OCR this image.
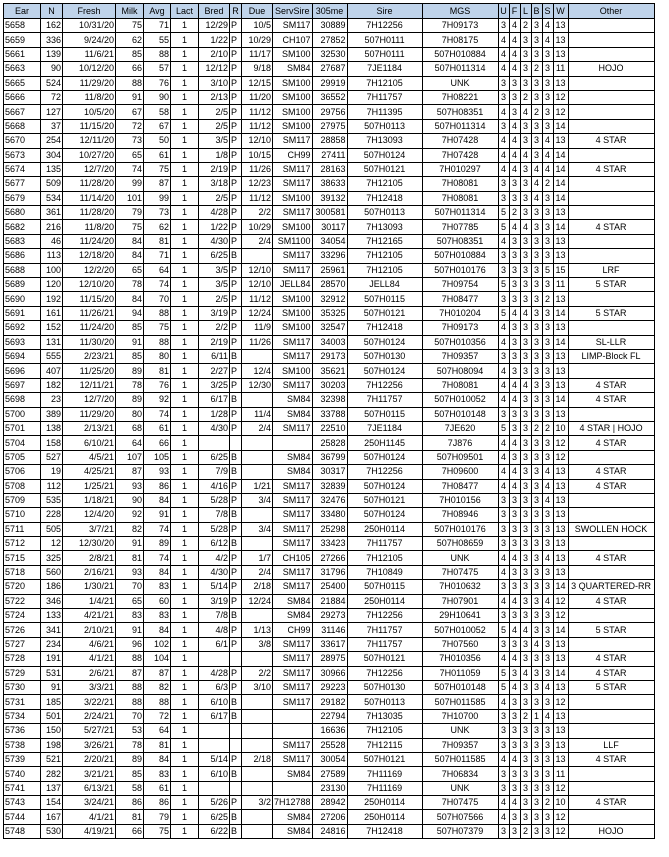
Ear	N	Fresh	Milk	Avg	Lact	Bred	R	Due	ServSire	305me	Sire	MGS	U	F	L	B	S	W	Other
5658	162	10/31/20	75	71	1	12/29	P	10/5	SM117	30889	7H12256	7H09173	3	4	2	3	4	13	
5659	336	9/24/20	62	55	1	1/22	P	10/29	CH107	27852	507H0111	7H08175	4	4	3	3	4	13	
5661	139	11/6/21	85	88	1	2/10	P	11/17	SM100	32530	507H0111	507H010884	4	4	3	3	3	13	
5663	90	10/12/20	66	57	1	12/12	P	9/18	SM84	27687	7JE1184	507H011314	4	4	3	2	3	11	HOJO
5665	524	11/29/20	88	76	1	3/10	P	12/15	SM100	29919	7H12105	UNK	3	3	3	3	3	13	
5666	72	11/8/20	91	90	1	2/13	P	11/20	SM100	36552	7H11757	7H08221	3	3	2	3	3	12	
5667	127	10/5/20	67	58	1	2/5	P	11/12	SM100	29756	7H11395	507H08351	4	3	4	2	3	12	
5668	37	11/15/20	72	67	1	2/5	P	11/12	SM100	27975	507H0113	507H011314	3	4	3	3	3	14	
5670	254	12/11/20	73	50	1	3/5	P	12/10	SM117	28858	7H13093	7H07428	4	4	3	3	4	13	4 STAR
5673	304	10/27/20	65	61	1	1/8	P	10/15	CH99	27411	507H0124	7H07428	4	4	4	3	4	14	
5674	135	12/7/20	74	75	1	2/19	P	11/26	SM117	28163	507H0121	7H010297	4	4	3	4	4	14	4 STAR
5677	509	11/28/20	99	87	1	3/18	P	12/23	SM117	38633	7H12105	7H08081	3	3	3	4	2	14	
5679	534	11/14/20	101	99	1	2/5	P	11/12	SM100	39132	7H12418	7H08081	3	3	3	4	3	14	
5680	361	11/28/20	79	73	1	4/28	P	2/2	SM117	300581	507H0113	507H011314	5	2	3	3	3	13	
5682	216	11/8/20	75	62	1	1/22	P	10/29	SM100	30117	7H13093	7H07785	5	4	4	3	3	14	4 STAR
5683	46	11/24/20	84	81	1	4/30	P	2/4	SM1100	34054	7H12165	507H08351	4	3	3	3	3	13	
5686	113	12/18/20	84	71	1	6/25	B		SM117	33296	7H12105	507H010884	3	3	3	3	3	13	
5688	100	12/2/20	65	64	1	3/5	P	12/10	SM117	25961	7H12105	507H010176	3	3	3	3	5	15	LRF
5689	120	12/10/20	78	74	1	3/5	P	12/10	JELL84	28570	JELL84	7H09754	5	3	3	3	3	11	5 STAR
5690	192	11/15/20	84	70	1	2/5	P	11/12	SM100	32912	507H0115	7H08477	3	3	3	3	2	13	
5691	161	11/26/21	94	88	1	3/19	P	12/24	SM100	35325	507H0121	7H010204	5	4	4	3	3	14	5 STAR
5692	152	11/24/20	85	75	1	2/2	P	11/9	SM100	32547	7H12418	7H09173	4	3	3	3	3	13	
5693	131	11/30/20	91	88	1	2/19	P	11/26	SM117	34003	507H0124	507H010356	4	3	3	3	3	14	SL-LLR
5694	555	2/23/21	85	80	1	6/11	B		SM117	29173	507H0130	7H09357	3	3	3	3	3	13	LIMP-Block FL
5696	407	11/25/20	89	81	1	2/27	P	12/4	SM100	35621	507H0124	507H08094	4	3	3	3	3	13	
5697	182	12/11/21	78	76	1	3/25	P	12/30	SM117	30203	7H12256	7H08081	4	4	4	3	3	13	4 STAR
5698	23	12/7/20	89	92	1	6/17	B		SM84	32398	7H11757	507H010052	4	4	3	3	3	14	4 STAR
5700	389	11/29/20	80	74	1	1/28	P	11/4	SM84	33788	507H0115	507H010148	3	3	3	3	3	13	
5701	138	2/13/21	68	61	1	4/30	P	2/4	SM117	22510	7JE1184	7JE620	5	3	3	2	2	10	4 STAR | HOJO
5704	158	6/10/21	64	66	1					25828	250H1145	7J876	4	4	3	3	3	12	4 STAR
5705	527	4/5/21	107	105	1	6/25	B		SM84	36799	507H0124	507H09501	4	3	3	3	3	12	
5706	19	4/25/21	87	93	1	7/9	B		SM84	30317	7H12256	7H09600	4	4	3	3	4	13	4 STAR
5708	112	1/25/21	93	86	1	4/16	P	1/21	SM117	32839	507H0124	7H08477	4	4	3	3	4	13	4 STAR
5709	535	1/18/21	90	84	1	5/28	P	3/4	SM117	32476	507H0121	7H010156	3	3	3	3	4	13	
5710	228	12/4/20	92	91	1	7/8	B		SM117	33480	507H0124	7H08946	3	3	3	3	3	13	
5711	505	3/7/21	82	74	1	5/28	P	3/4	SM117	25298	250H0114	507H010176	3	3	3	3	3	13	SWOLLEN HOCK
5712	12	12/30/20	91	89	1	6/12	B		SM117	33423	7H11757	507H08659	3	3	3	3	3	13	
5715	325	2/8/21	81	74	1	4/2	P	1/7	CH105	27266	7H12105	UNK	4	4	3	3	4	13	4 STAR
5718	560	2/16/21	93	84	1	4/30	P	2/4	SM117	31796	7H10849	7H07475	4	3	3	3	3	13	
5720	186	1/30/21	70	83	1	5/14	P	2/18	SM117	25400	507H0115	7H010632	3	3	3	3	3	14	3 QUARTERED-RR
5722	346	1/4/21	65	60	1	3/19	P	12/24	SM84	21884	250H0114	7H07901	4	4	3	3	4	12	4 STAR
5724	133	4/21/21	83	83	1	7/8	B		SM84	29273	7H12256	29H10641	3	3	3	3	3	12	
5726	341	2/10/21	91	84	1	4/8	P	1/13	CH99	31146	7H11757	507H010052	5	4	4	3	3	14	5 STAR
5727	234	4/6/21	96	102	1	6/1	P	3/8	SM117	33617	7H11757	7H07560	3	3	3	4	3	13	
5728	191	4/1/21	88	104	1				SM117	28975	507H0121	7H010356	4	4	3	3	3	13	4 STAR
5729	531	2/6/21	87	87	1	4/28	P	2/2	SM117	30966	7H12256	7H011059	5	3	4	3	3	14	4 STAR
5730	91	3/3/21	88	82	1	6/3	P	3/10	SM117	29223	507H0130	507H010148	5	4	3	3	4	13	5 STAR
5731	185	3/22/21	88	88	1	6/10	B		SM117	29182	507H0113	507H011585	4	3	3	3	3	12	
5734	501	2/24/21	70	72	1	6/17	B			22794	7H13035	7H10700	3	3	2	1	4	13	
5736	150	5/27/21	53	64	1					16636	7H12105	UNK	3	3	3	3	3	13	
5738	198	3/26/21	78	81	1				SM117	25528	7H12115	7H09357	3	3	3	3	3	13	LLF
5739	521	2/20/21	89	84	1	5/14	P	2/18	SM117	30054	507H0121	507H011585	4	4	3	3	3	13	4 STAR
5740	282	3/21/21	85	83	1	6/10	B		SM84	27589	7H11169	7H06834	3	3	3	3	3	11	
5741	137	6/13/21	58	61	1					23130	7H11169	UNK	3	3	3	3	3	12	
5743	154	3/24/21	86	86	1	5/26	P	3/2	7H12788	28942	250H0114	7H07475	4	4	3	3	2	10	4 STAR
5744	167	4/1/21	81	79	1	6/25	B		SM84	27206	250H0114	507H07566	4	3	3	3	3	12	
5748	530	4/19/21	66	75	1	6/22	B		SM84	24816	7H12418	507H07379	3	3	2	3	3	12	HOJO
